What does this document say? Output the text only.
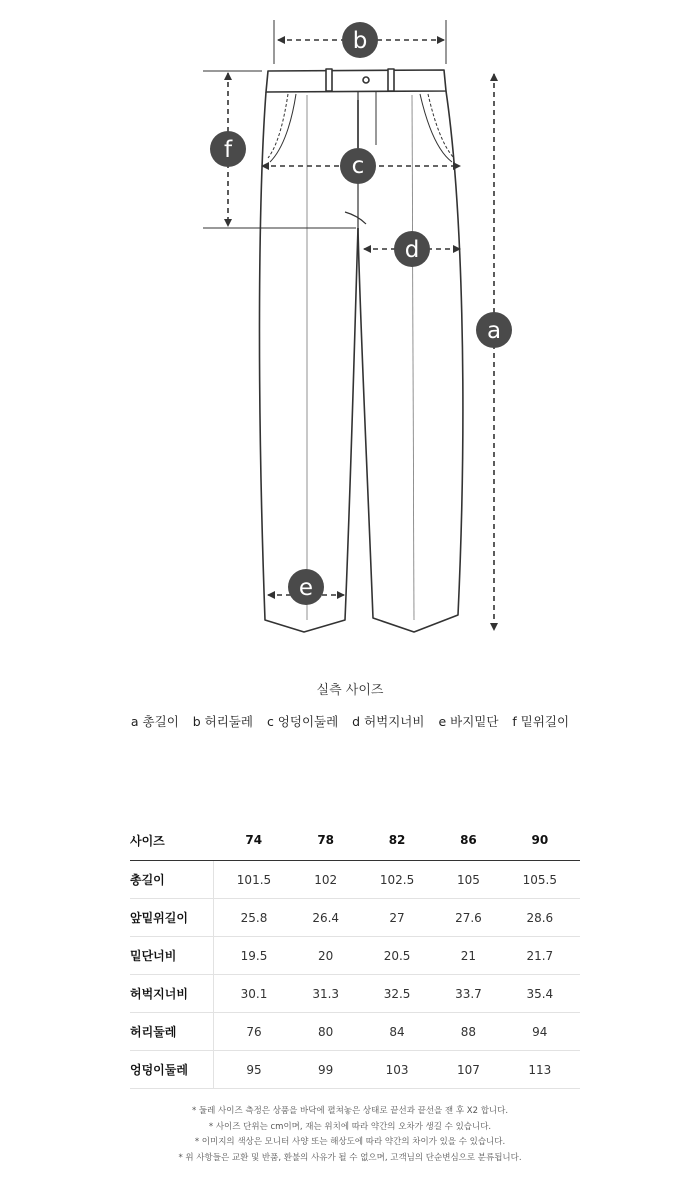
b
f
c
d
a
e
실측 사이즈
a 총길이 b 허리둘레 c 엉덩이둘레 d 허벅지너비 e 바지밑단 f 밑위길이
사이즈	74	78	82	86	90
총길이	101.5	102	102.5	105	105.5
앞밑위길이	25.8	26.4	27	27.6	28.6
밑단너비	19.5	20	20.5	21	21.7
허벅지너비	30.1	31.3	32.5	33.7	35.4
허리둘레	76	80	84	88	94
엉덩이둘레	95	99	103	107	113
* 둘레 사이즈 측정은 상품을 바닥에 펼쳐놓은 상태로 끝선과 끝선을 잰 후 X2 합니다.
* 사이즈 단위는 cm이며, 재는 위치에 따라 약간의 오차가 생길 수 있습니다.
* 이미지의 색상은 모니터 사양 또는 해상도에 따라 약간의 차이가 있을 수 있습니다.
* 위 사항들은 교환 및 반품, 환불의 사유가 될 수 없으며, 고객님의 단순변심으로 분류됩니다.
